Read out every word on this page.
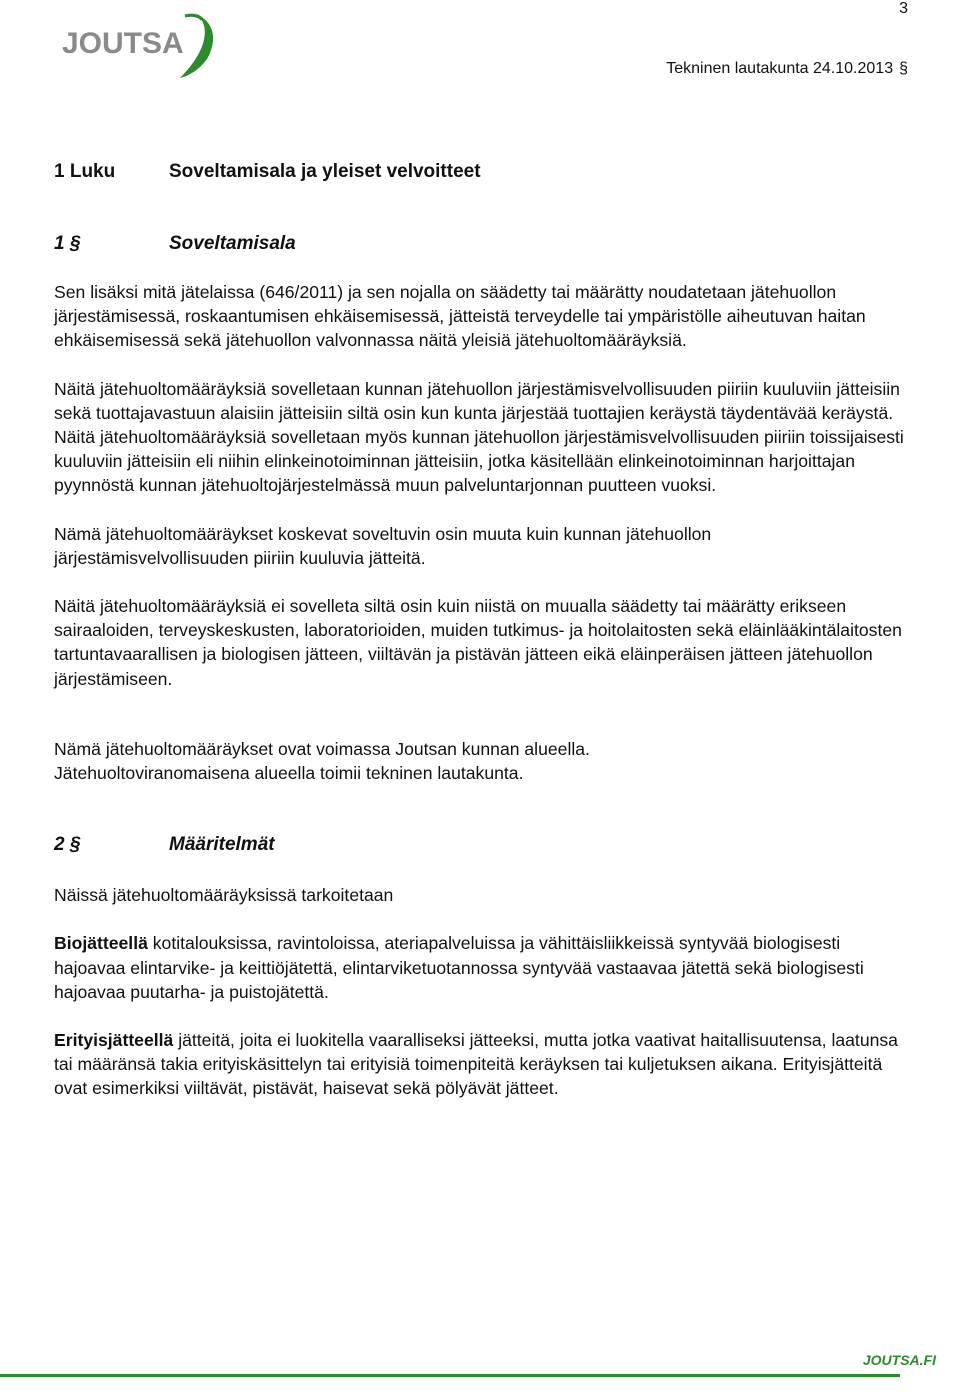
JOUTSA
3
Tekninen lautakunta 24.10.2013 §
1 Luku	Soveltamisala ja yleiset velvoitteet
1 §	Soveltamisala

Sen lisäksi mitä jätelaissa (646/2011) ja sen nojalla on säädetty tai määrätty noudatetaan jätehuollon järjestämisessä, roskaantumisen ehkäisemisessä, jätteistä terveydelle tai ympäristölle aiheutuvan haitan ehkäisemisessä sekä jätehuollon valvonnassa näitä yleisiä jätehuoltomääräyksiä.

Näitä jätehuoltomääräyksiä sovelletaan kunnan jätehuollon järjestämisvelvollisuuden piiriin kuuluviin jätteisiin sekä tuottajavastuun alaisiin jätteisiin siltä osin kun kunta järjestää tuottajien keräystä täydentävää keräystä. Näitä jätehuoltomääräyksiä sovelletaan myös kunnan jätehuollon järjestämisvelvollisuuden piiriin toissijaisesti kuuluviin jätteisiin eli niihin elinkeinotoiminnan jätteisiin, jotka käsitellään elinkeinotoiminnan harjoittajan pyynnöstä kunnan jätehuoltojärjestelmässä muun palveluntarjonnan puutteen vuoksi.

Nämä jätehuoltomääräykset koskevat soveltuvin osin muuta kuin kunnan jätehuollon järjestämisvelvollisuuden piiriin kuuluvia jätteitä.

Näitä jätehuoltomääräyksiä ei sovelleta siltä osin kuin niistä on muualla säädetty tai määrätty erikseen sairaaloiden, terveyskeskusten, laboratorioiden, muiden tutkimus- ja hoitolaitosten sekä eläinlääkintälaitosten tartuntavaarallisen ja biologisen jätteen, viiltävän ja pistävän jätteen eikä eläinperäisen jätteen jätehuollon järjestämiseen.

Nämä jätehuoltomääräykset ovat voimassa Joutsan kunnan alueella.

Jätehuoltoviranomaisena alueella toimii tekninen lautakunta.

2 §	Määritelmät

Näissä jätehuoltomääräyksissä tarkoitetaan

Biojätteellä kotitalouksissa, ravintoloissa, ateriapalveluissa ja vähittäisliikkeissä syntyvää biologisesti hajoavaa elintarvike- ja keittiöjätettä, elintarviketuotannossa syntyvää vastaavaa jätettä sekä biologisesti hajoavaa puutarha- ja puistojätettä.

Erityisjätteellä jätteitä, joita ei luokitella vaaralliseksi jätteeksi, mutta jotka vaativat haitallisuutensa, laatunsa tai määränsä takia erityiskäsittelyn tai erityisiä toimenpiteitä keräyksen tai kuljetuksen aikana. Erityisjätteitä ovat esimerkiksi viiltävät, pistävät, haisevat sekä pölyävät jätteet.

JOUTSA.FI
